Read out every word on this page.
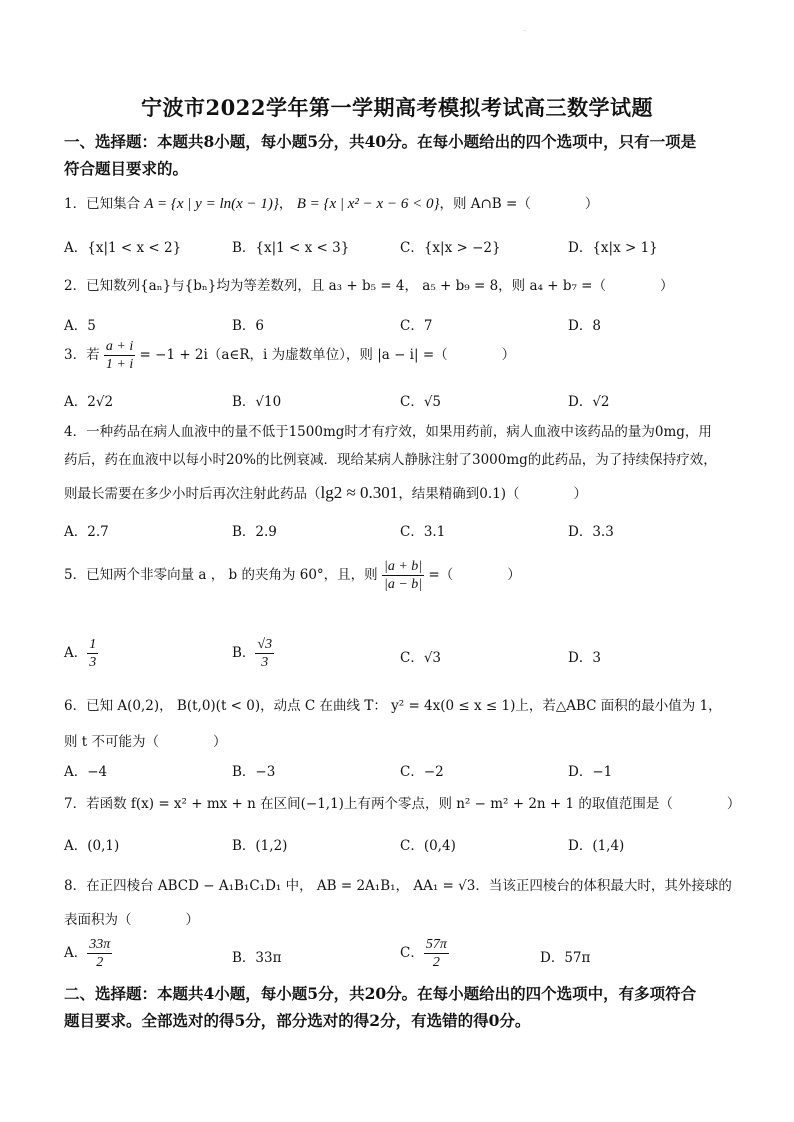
·
宁波市2022学年第一学期高考模拟考试高三数学试题
一、选择题：本题共8小题，每小题5分，共40分。在每小题给出的四个选项中，只有一项是
符合题目要求的。
1．已知集合 A = {x | y = ln(x − 1)}， B = {x | x² − x − 6 < 0}，则 A∩B =（　　　　）
A．{x|1 < x < 2}	B．{x|1 < x < 3}	C．{x|x > −2}	D．{x|x > 1}
2．已知数列{aₙ}与{bₙ}均为等差数列，且 a₃ + b₅ = 4， a₅ + b₉ = 8，则 a₄ + b₇ =（　　　　）
A．5	B．6	C．7	D．8
3．若 $\frac{a + i}{1 + i} = -1$ + 2i（a∈R，i 为虚数单位），则 |a − i| =（　　　　）
A．2√2	B．√10	C．√5	D．√2
4．一种药品在病人血液中的量不低于1500mg时才有疗效，如果用药前，病人血液中该药品的量为0mg，用
药后，药在血液中以每小时20%的比例衰减．现给某病人静脉注射了3000mg的此药品，为了持续保持疗效，
则最长需要在多少小时后再次注射此药品（lg2 ≈ 0.301，结果精确到0.1)（　　　　）
A．2.7	B．2.9	C．3.1	D．3.3
5．已知两个非零向量 a ， b 的夹角为 60°，且，则 $\frac{|a + b|}{|a - b|}$ =（　　　　）
A． $\frac{1}{3}$	B． $\frac{√3}{3}$	C．√3	D．3
6．已知 A(0,2)， B(t,0)(t < 0)，动点 C 在曲线 T： y² = 4x(0 ≤ x ≤ 1)上，若△ABC 面积的最小值为 1，
则 t 不可能为（　　　　）
A．−4	B．−3	C．−2	D．−1
7．若函数 f(x) = x² + mx + n 在区间(−1,1)上有两个零点，则 n² − m² + 2n + 1 的取值范围是（　　　　）
A．(0,1)	B．(1,2)	C．(0,4)	D．(1,4)
8．在正四棱台 ABCD − A₁B₁C₁D₁ 中， AB = 2A₁B₁， AA₁ = √3．当该正四棱台的体积最大时，其外接球的
表面积为（　　　　）
A． $\frac{33\pi}{2}$	B．33π	C． $\frac{57\pi}{2}$	D．57π
二、选择题：本题共4小题，每小题5分，共20分。在每小题给出的四个选项中，有多项符合
题目要求。全部选对的得5分，部分选对的得2分，有选错的得0分。
